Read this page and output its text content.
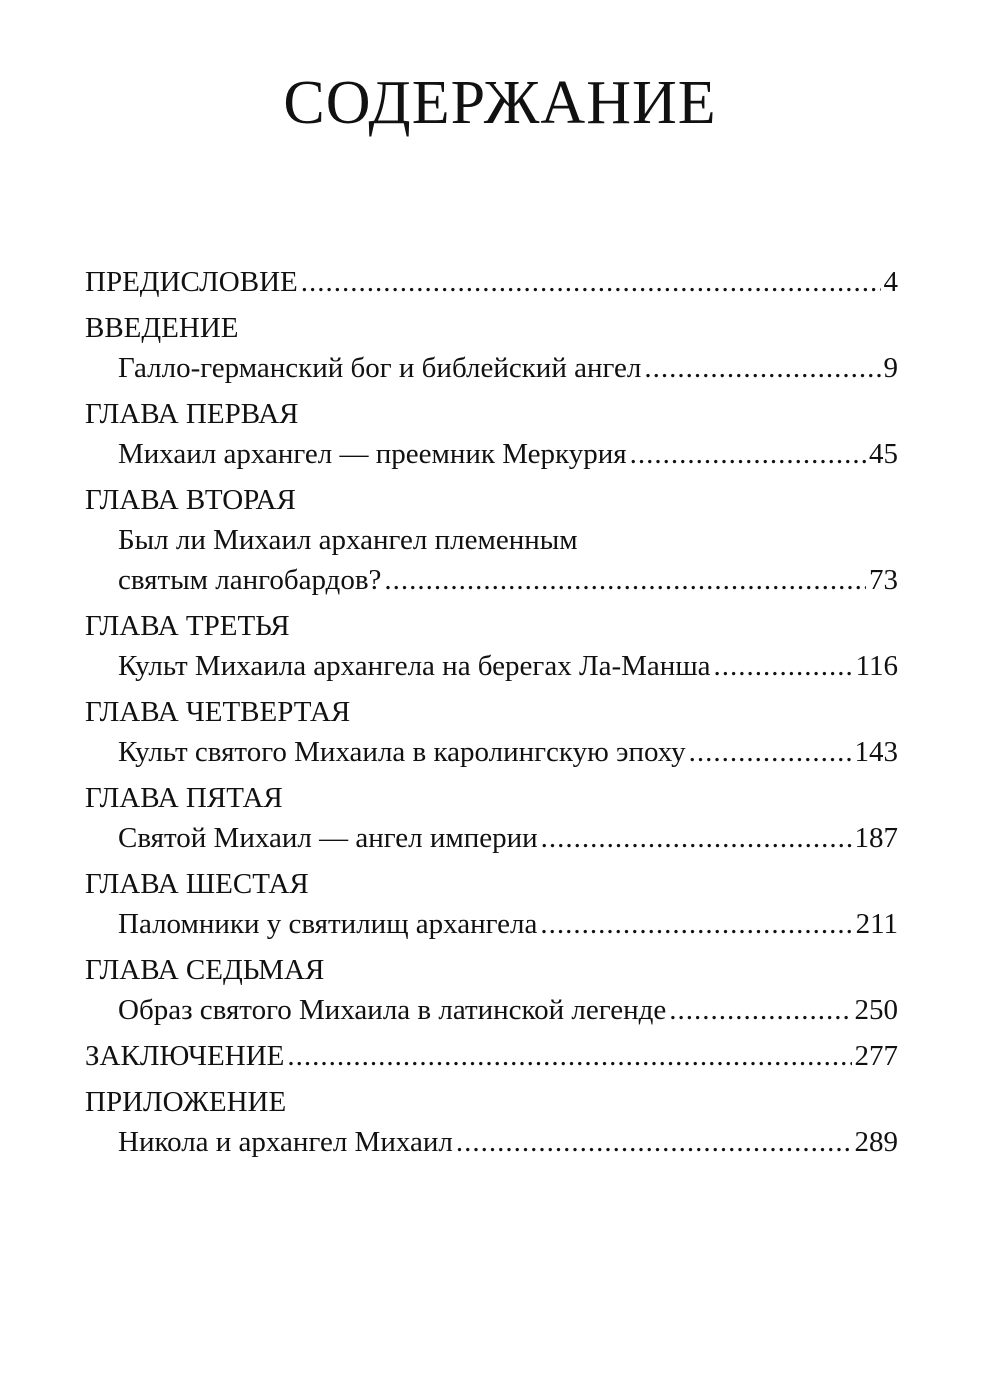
СОДЕРЖАНИЕ
ПРЕДИСЛОВИЕ .....	4
ВВЕДЕНИЕ
Галло-германский бог и библейский ангел .....	9
ГЛАВА ПЕРВАЯ
Михаил архангел — преемник Меркурия .....	45
ГЛАВА ВТОРАЯ
Был ли Михаил архангел племенным
святым лангобардов? .....	73
ГЛАВА ТРЕТЬЯ
Культ Михаила архангела на берегах Ла-Манша .....	116
ГЛАВА ЧЕТВЕРТАЯ
Культ святого Михаила в каролингскую эпоху .....	143
ГЛАВА ПЯТАЯ
Святой Михаил — ангел империи .....	187
ГЛАВА ШЕСТАЯ
Паломники у святилищ архангела .....	211
ГЛАВА СЕДЬМАЯ
Образ святого Михаила в латинской легенде .....	250
ЗАКЛЮЧЕНИЕ .....	277
ПРИЛОЖЕНИЕ
Никола и архангел Михаил .....	289
